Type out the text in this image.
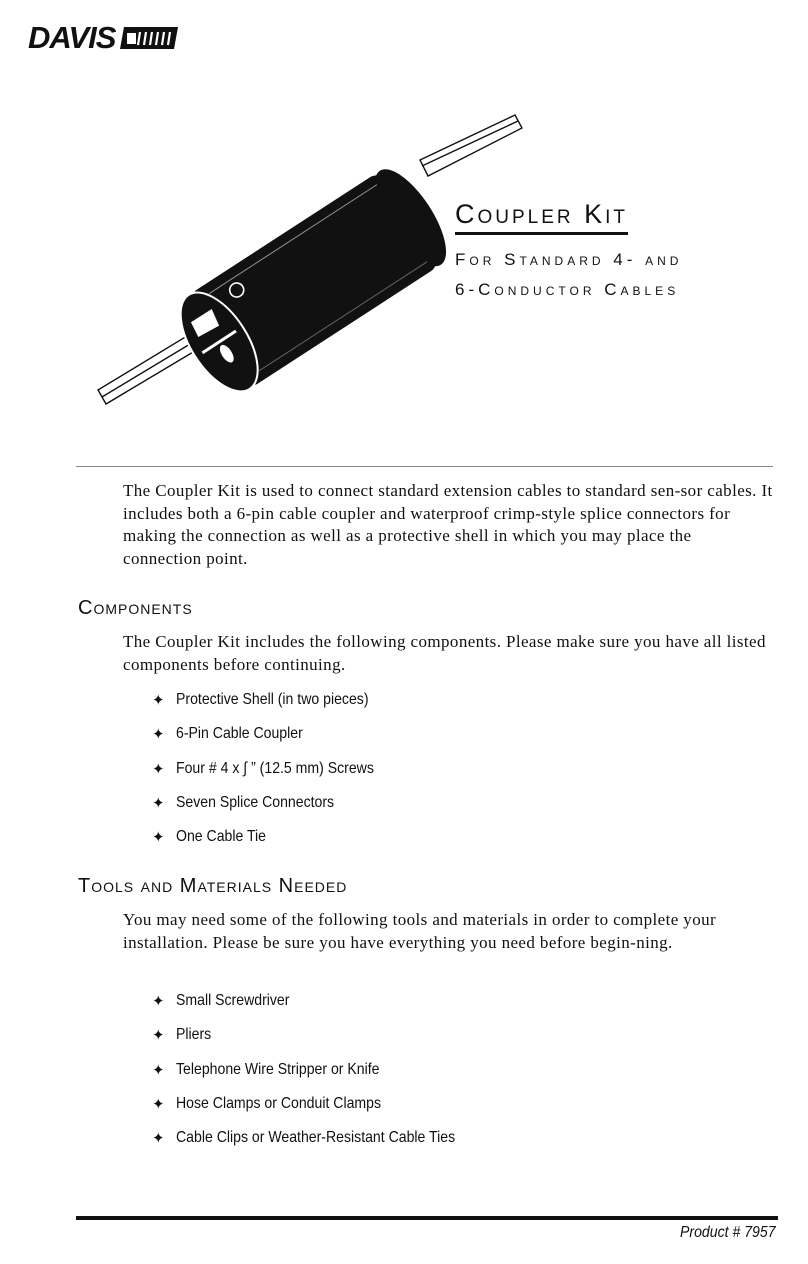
DAVIS
Coupler Kit
For Standard 4- and
6-Conductor Cables
The Coupler Kit is used to connect standard extension cables to standard sen-sor cables. It includes both a 6-pin cable coupler and waterproof crimp-style splice connectors for making the connection as well as a protective shell in which you may place the connection point.
Components
The Coupler Kit includes the following components. Please make sure you have all listed components before continuing.
✦ Protective Shell (in two pieces)
✦ 6-Pin Cable Coupler
✦ Four # 4 x ∫ ” (12.5 mm) Screws
✦ Seven Splice Connectors
✦ One Cable Tie
Tools and Materials Needed
You may need some of the following tools and materials in order to complete your installation. Please be sure you have everything you need before begin-ning.
✦ Small Screwdriver
✦ Pliers
✦ Telephone Wire Stripper or Knife
✦ Hose Clamps or Conduit Clamps
✦ Cable Clips or Weather-Resistant Cable Ties
Product # 7957
